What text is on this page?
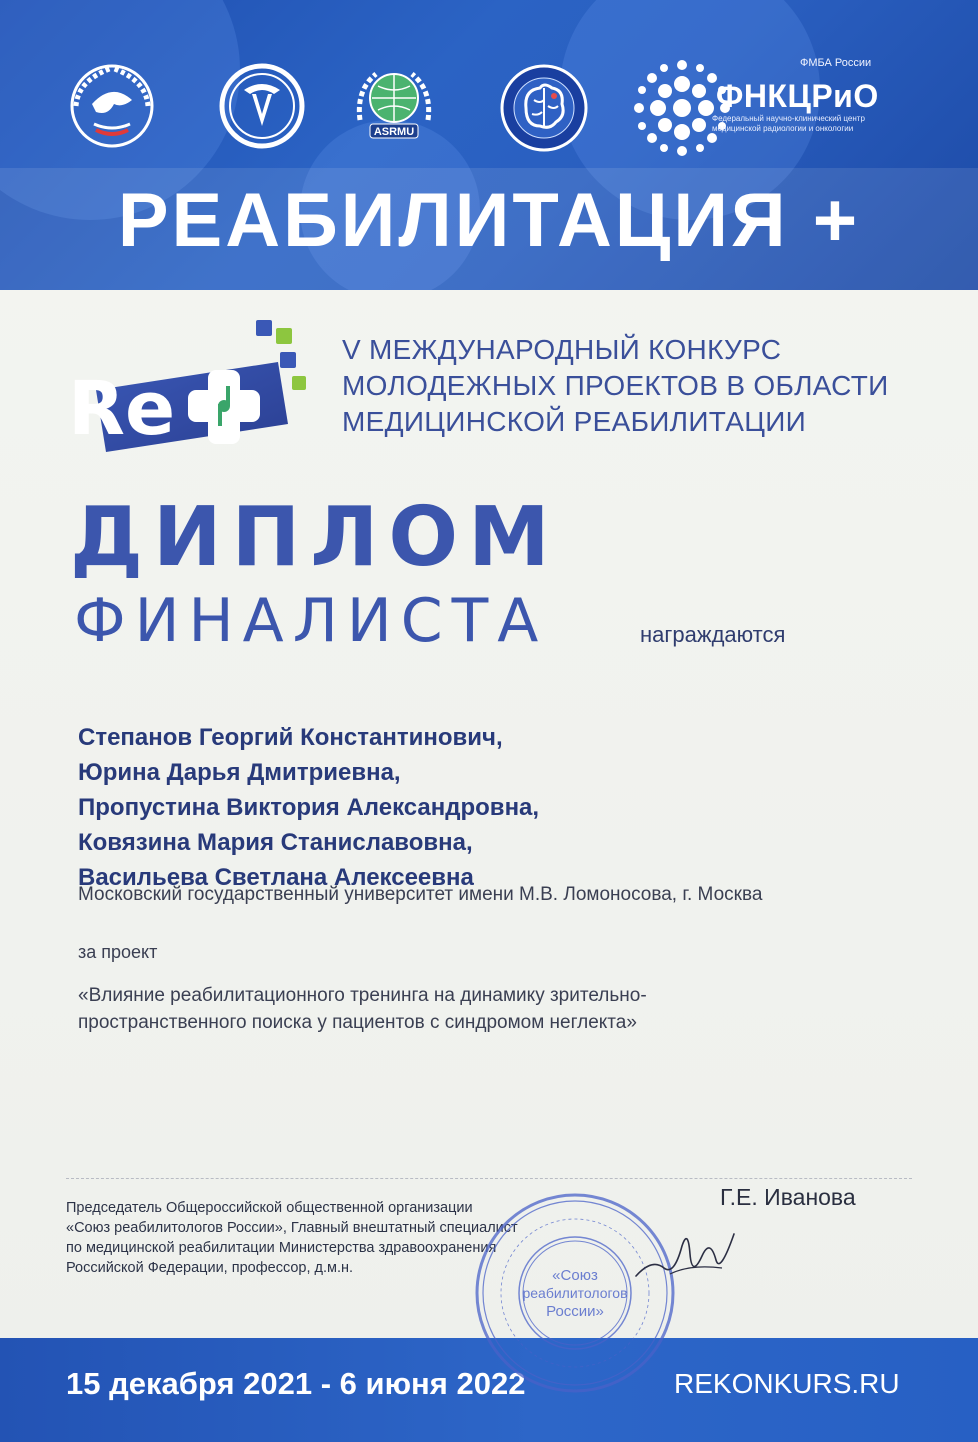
ASRMU
ФМБА России
ФНКЦРиО
Федеральный научно-клинический центр медицинской радиологии и онкологии
РЕАБИЛИТАЦИЯ +
Re
V МЕЖДУНАРОДНЫЙ КОНКУРС
МОЛОДЕЖНЫХ ПРОЕКТОВ В ОБЛАСТИ
МЕДИЦИНСКОЙ РЕАБИЛИТАЦИИ
ДИПЛОМ
ФИНАЛИСТА	награждаются
Степанов Георгий Константинович,
Юрина Дарья Дмитриевна,
Пропустина Виктория Александровна,
Ковязина Мария Станиславовна,
Васильева Светлана Алексеевна
Московский государственный университет имени М.В. Ломоносова, г. Москва
за проект
«Влияние реабилитационного тренинга на динамику зрительно-
пространственного поиска у пациентов с синдромом неглекта»
Председатель Общероссийской общественной организации
«Союз реабилитологов России», Главный внештатный специалист
по медицинской реабилитации Министерства здравоохранения
Российской Федерации, профессор, д.м.н.
Г.Е. Иванова
15 декабря 2021 - 6 июня 2022	REKONKURS.RU
«Союз
реабилитологов
России»
